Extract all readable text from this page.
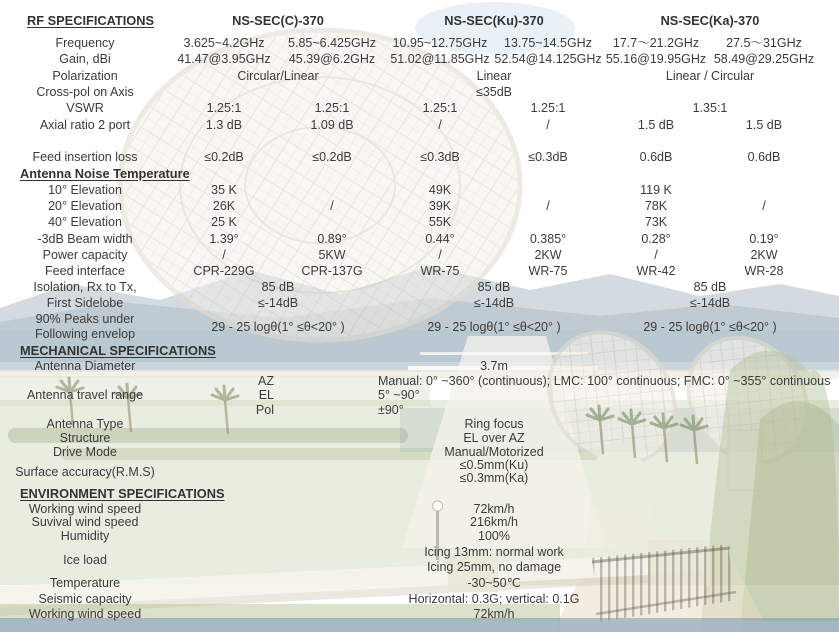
RF SPECIFICATIONS	NS-SEC(C)-370	NS-SEC(Ku)-370	NS-SEC(Ka)-370
Frequency	3.625~4.2GHz	5.85~6.425GHz	10.95~12.75GHz	13.75~14.5GHz	17.7～21.2GHz	27.5～31GHz
Gain, dBi	41.47@3.95GHz	45.39@6.2GHz	51.02@11.85GHz 52.54@14.125GHz 55.16@19.95GHz 58.49@29.25GHz
Polarization	Circular/Linear	Linear	Linear / Circular
Cross-pol on Axis	≤35dB
VSWR	1.25:1	1.25:1	1.25:1	1.25:1	1.35:1
Axial ratio 2 port	1.3 dB	1.09 dB	/	/	1.5 dB	1.5 dB
Feed insertion loss	≤0.2dB	≤0.2dB	≤0.3dB	≤0.3dB	0.6dB	0.6dB
Antenna Noise Temperature
10° Elevation	35 K	49K	119 K
20° Elevation	26K	/	39K	/	78K	/
40° Elevation	25 K	55K	73K
-3dB Beam width	1.39°	0.89°	0.44°	0.385°	0.28°	0.19°
Power capacity	/	5KW	/	2KW	/	2KW
Feed interface	CPR-229G	CPR-137G	WR-75	WR-75	WR-42	WR-28
Isolation, Rx to Tx,	85 dB	85 dB	85 dB
First Sidelobe	≤-14dB	≤-14dB	≤-14dB
90% Peaks under
Following envelop	29 - 25 logθ(1° ≤θ<20° )	29 - 25 logθ(1° ≤θ<20° )	29 - 25 logθ(1° ≤θ<20° )
MECHANICAL SPECIFICATIONS
Antenna Diameter	3.7m
AZ	Manual: 0° ~360° (continuous); LMC: 100° continuous; FMC: 0° ~355° continuous
Antenna travel range	EL	5° ~90°
Pol	±90°
Antenna Type	Ring focus
Structure	EL over AZ
Drive Mode	Manual/Motorized
Surface accuracy(R.M.S)	≤0.5mm(Ku)
≤0.3mm(Ka)
ENVIRONMENT SPECIFICATIONS
Working wind speed	72km/h
Suvival wind speed	216km/h
Humidity	100%
Ice load
Icing 13mm: normal work
Icing 25mm, no damage
Temperature	-30~50℃
Seismic capacity	Horizontal: 0.3G; vertical: 0.1G
Working wind speed	72km/h
